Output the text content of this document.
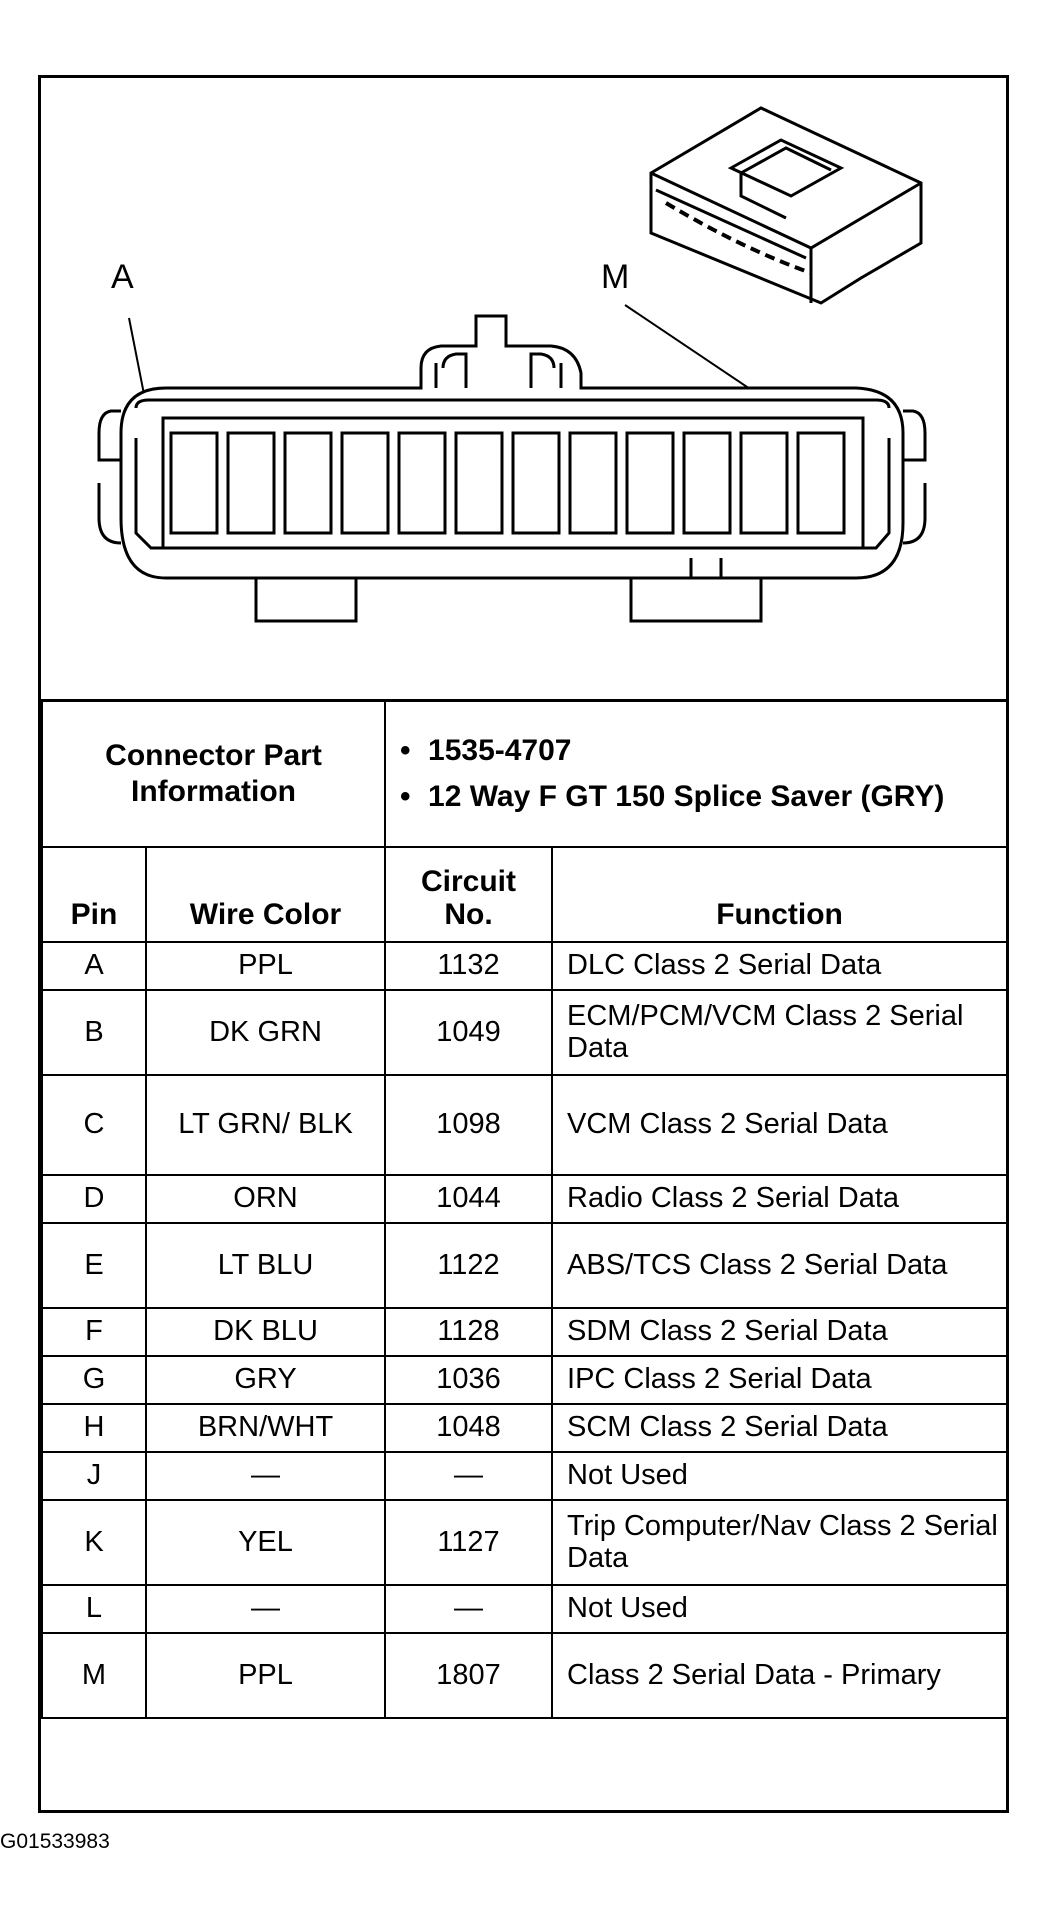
A	M
Connector Part Information		• 1535-4707
• 12 Way F GT 150 Splice Saver (GRY)	

Pin	Wire Color	Circuit No.	Function
A	PPL	1132	DLC Class 2 Serial Data
B	DK GRN	1049	ECM/PCM/VCM Class 2 Serial Data
C	LT GRN/ BLK	1098	VCM Class 2 Serial Data
D	ORN	1044	Radio Class 2 Serial Data
E	LT BLU	1122	ABS/TCS Class 2 Serial Data
F	DK BLU	1128	SDM Class 2 Serial Data
G	GRY	1036	IPC Class 2 Serial Data
H	BRN/WHT	1048	SCM Class 2 Serial Data
J	—	—	Not Used
K	YEL	1127	Trip Computer/Nav Class 2 Serial Data
L	—	—	Not Used
M	PPL	1807	Class 2 Serial Data - Primary
G01533983
